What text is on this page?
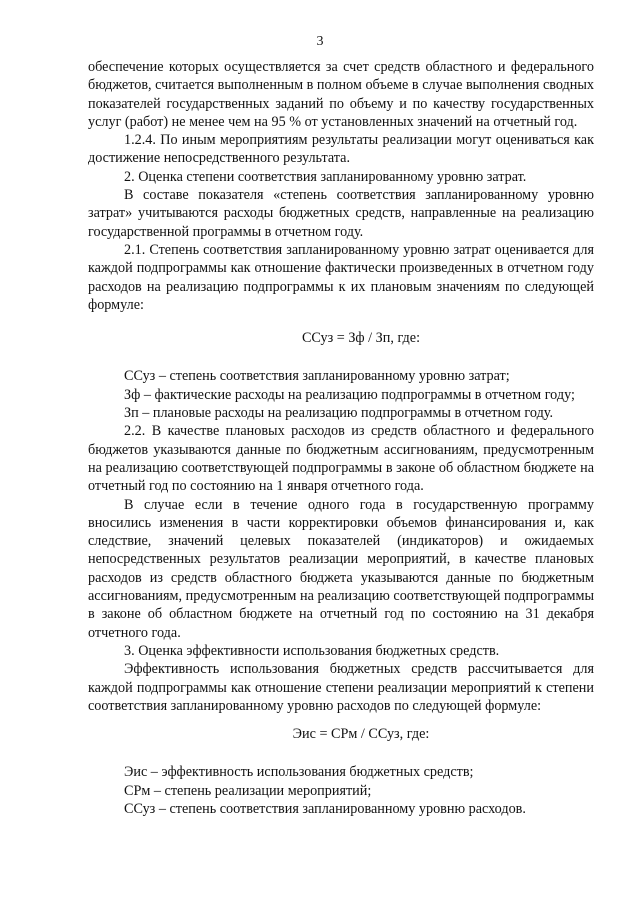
3

обеспечение которых осуществляется за счет средств областного и федерального бюджетов, считается выполненным в полном объеме в случае выполнения сводных показателей государственных заданий по объему и по качеству государственных услуг (работ) не менее чем на 95 % от установленных значений на отчетный год.

1.2.4. По иным мероприятиям результаты реализации могут оцениваться как достижение непосредственного результата.

2. Оценка степени соответствия запланированному уровню затрат.

В составе показателя «степень соответствия запланированному уровню затрат» учитываются расходы бюджетных средств, направленные на реализацию государственной программы в отчетном году.

2.1. Степень соответствия запланированному уровню затрат оценивается для каждой подпрограммы как отношение фактически произведенных в отчетном году расходов на реализацию подпрограммы к их плановым значениям по следующей формуле:

ССуз = Зф / Зп, где:

ССуз – степень соответствия запланированному уровню затрат;

Зф – фактические расходы на реализацию подпрограммы в отчетном году;

Зп – плановые расходы на реализацию подпрограммы в отчетном году.

2.2. В качестве плановых расходов из средств областного и федерального бюджетов указываются данные по бюджетным ассигнованиям, предусмотренным на реализацию соответствующей подпрограммы в законе об областном бюджете на отчетный год по состоянию на 1 января отчетного года.

В случае если в течение одного года в государственную программу вносились изменения в части корректировки объемов финансирования и, как следствие, значений целевых показателей (индикаторов) и ожидаемых непосредственных результатов реализации мероприятий, в качестве плановых расходов из средств областного бюджета указываются данные по бюджетным ассигнованиям, предусмотренным на реализацию соответствующей подпрограммы в законе об областном бюджете на отчетный год по состоянию на 31 декабря отчетного года.

3. Оценка эффективности использования бюджетных средств.

Эффективность использования бюджетных средств рассчитывается для каждой подпрограммы как отношение степени реализации мероприятий к степени соответствия запланированному уровню расходов по следующей формуле:

Эис = СРм / ССуз, где:

Эис – эффективность использования бюджетных средств;

СРм – степень реализации мероприятий;

ССуз – степень соответствия запланированному уровню расходов.
